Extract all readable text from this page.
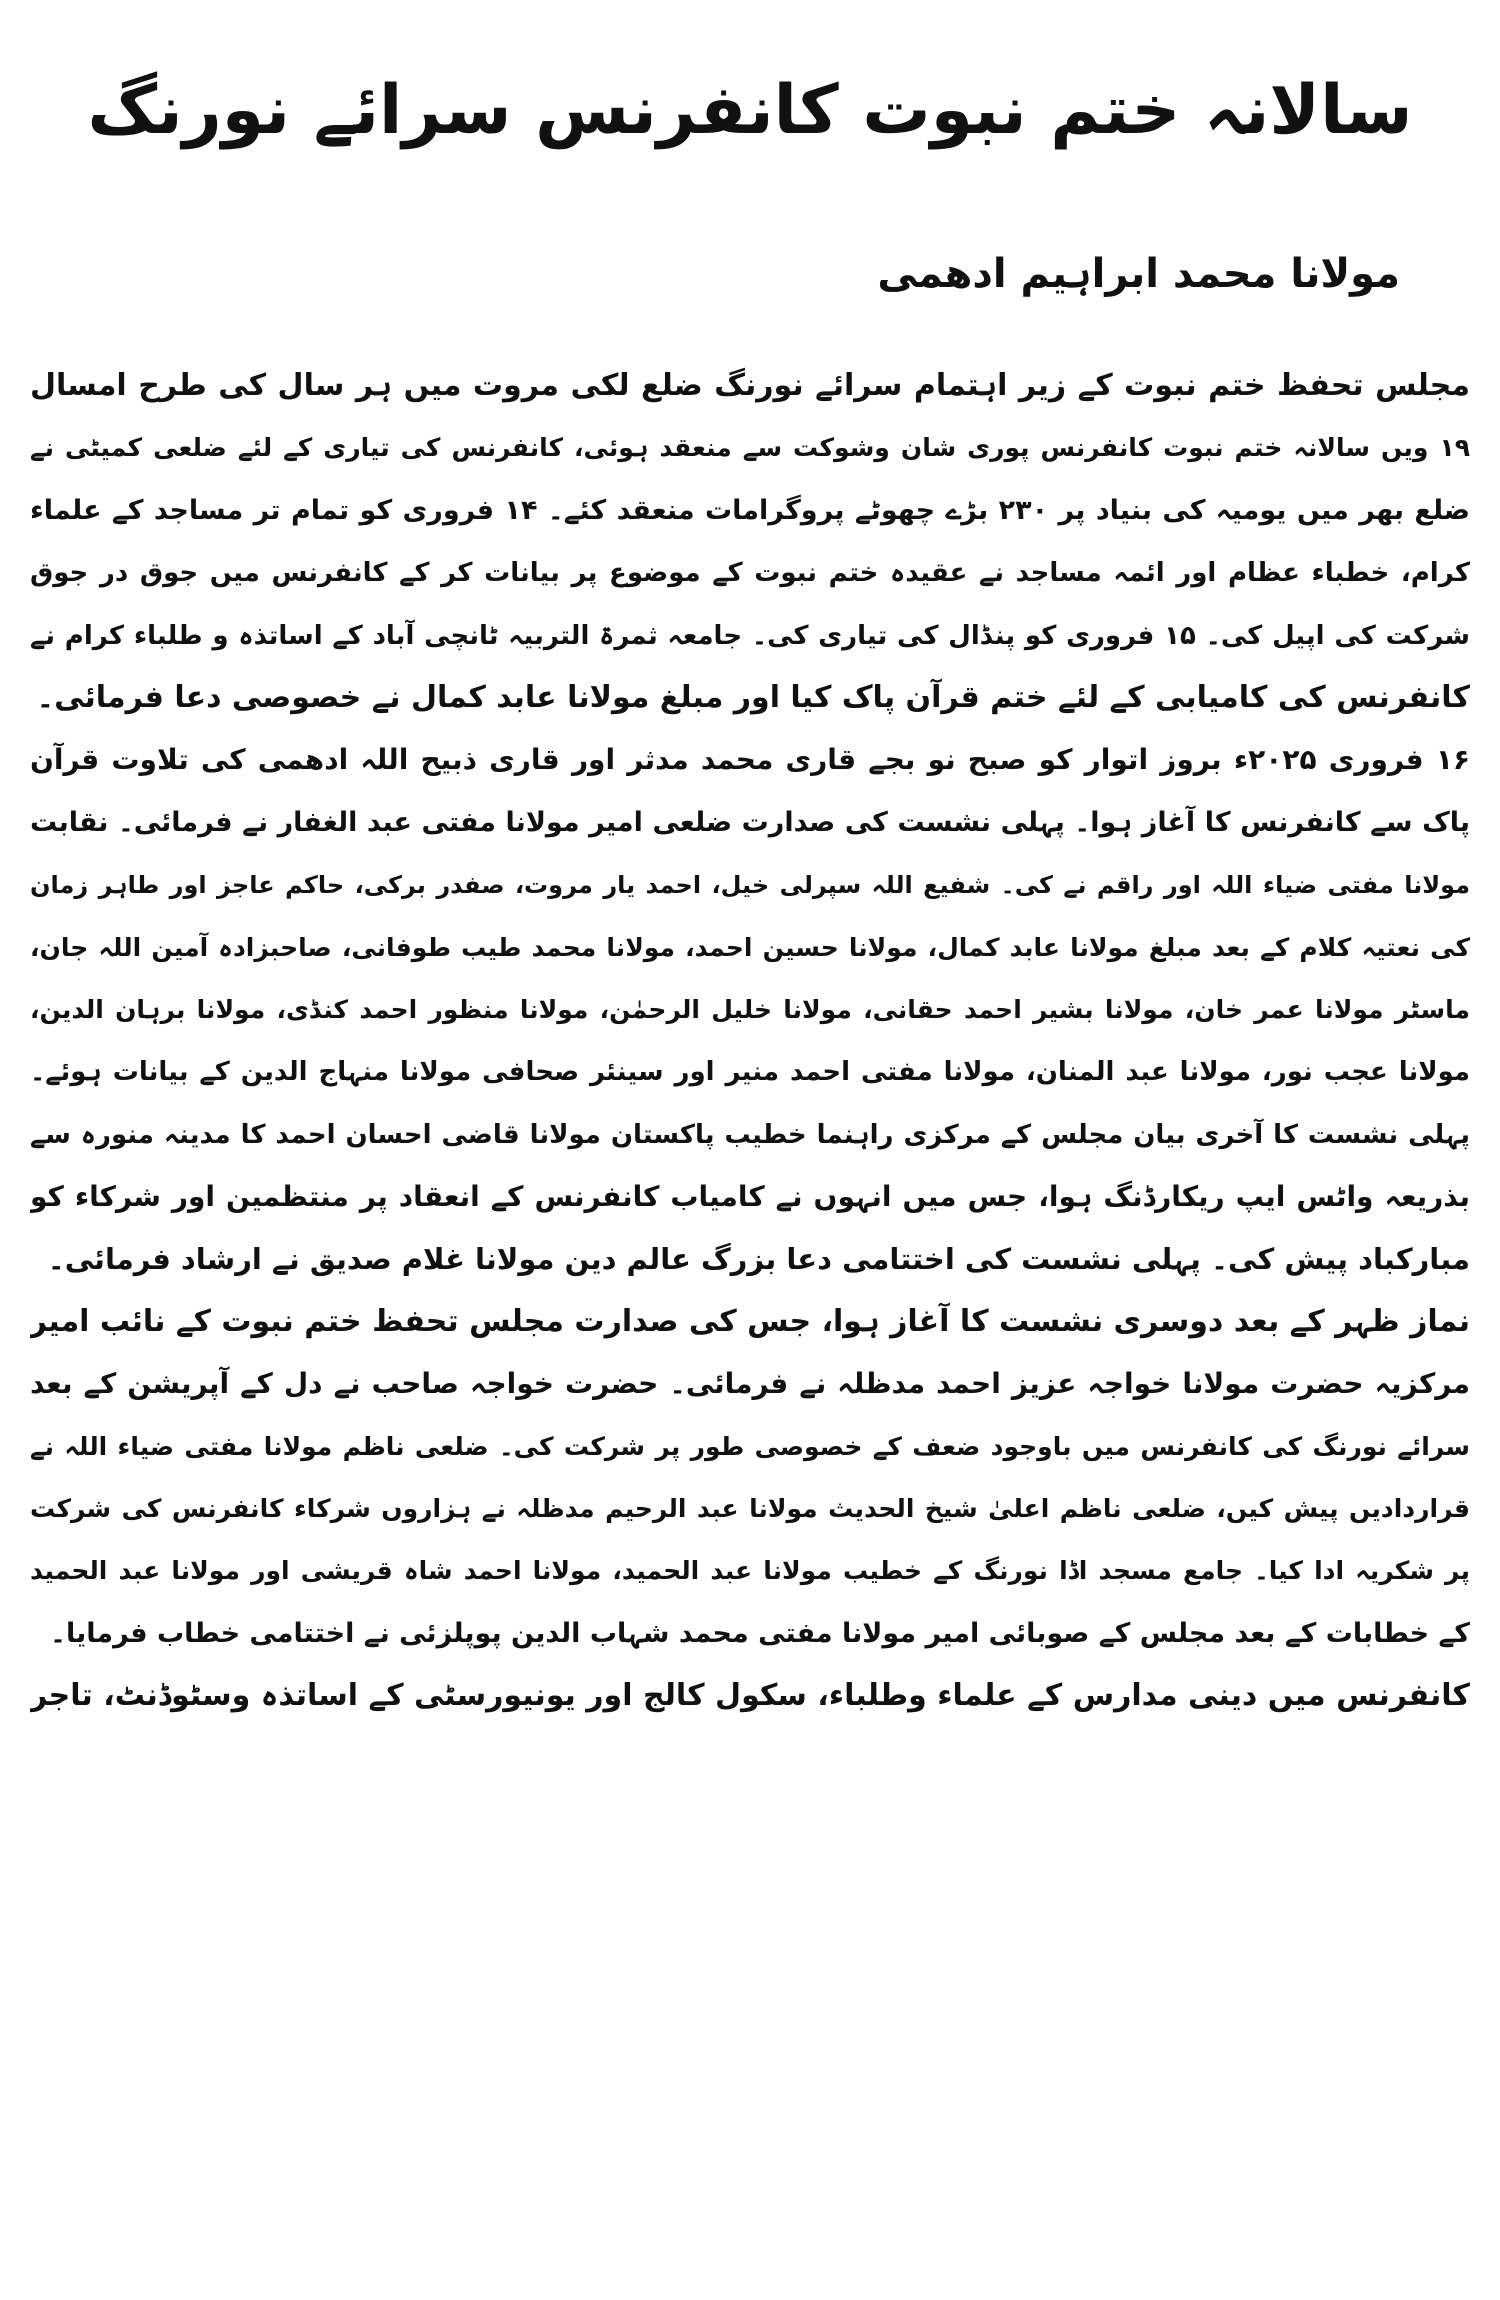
سالانہ ختم نبوت کانفرنس سرائے نورنگ

مولانا محمد ابراہیم ادھمی

مجلس تحفظ ختم نبوت کے زیر اہتمام سرائے نورنگ ضلع لکی مروت میں ہر سال کی طرح امسال
۱۹ ویں سالانہ ختم نبوت کانفرنس پوری شان وشوکت سے منعقد ہوئی، کانفرنس کی تیاری کے لئے ضلعی کمیٹی نے
ضلع بھر میں یومیہ کی بنیاد پر ۲۳۰ بڑے چھوٹے پروگرامات منعقد کئے۔ ۱۴ فروری کو تمام تر مساجد کے علماء
کرام، خطباء عظام اور ائمہ مساجد نے عقیدہ ختم نبوت کے موضوع پر بیانات کر کے کانفرنس میں جوق در جوق
شرکت کی اپیل کی۔ ۱۵ فروری کو پنڈال کی تیاری کی۔ جامعہ ثمرۃ التربیہ ٹانچی آباد کے اساتذہ و طلباء کرام نے
کانفرنس کی کامیابی کے لئے ختم قرآن پاک کیا اور مبلغ مولانا عابد کمال نے خصوصی دعا فرمائی۔
۱۶ فروری ۲۰۲۵ء بروز اتوار کو صبح نو بجے قاری محمد مدثر اور قاری ذبیح اللہ ادھمی کی تلاوت قرآن
پاک سے کانفرنس کا آغاز ہوا۔ پہلی نشست کی صدارت ضلعی امیر مولانا مفتی عبد الغفار نے فرمائی۔ نقابت
مولانا مفتی ضیاء اللہ اور راقم نے کی۔ شفیع اللہ سپرلی خیل، احمد یار مروت، صفدر برکی، حاکم عاجز اور طاہر زمان
کی نعتیہ کلام کے بعد مبلغ مولانا عابد کمال، مولانا حسین احمد، مولانا محمد طیب طوفانی، صاحبزادہ آمین اللہ جان،
ماسٹر مولانا عمر خان، مولانا بشیر احمد حقانی، مولانا خلیل الرحمٰن، مولانا منظور احمد کنڈی، مولانا برہان الدین،
مولانا عجب نور، مولانا عبد المنان، مولانا مفتی احمد منیر اور سینئر صحافی مولانا منہاج الدین کے بیانات ہوئے۔
پہلی نشست کا آخری بیان مجلس کے مرکزی راہنما خطیب پاکستان مولانا قاضی احسان احمد کا مدینہ منورہ سے
بذریعہ واٹس ایپ ریکارڈنگ ہوا، جس میں انہوں نے کامیاب کانفرنس کے انعقاد پر منتظمین اور شرکاء کو
مبارکباد پیش کی۔ پہلی نشست کی اختتامی دعا بزرگ عالم دین مولانا غلام صدیق نے ارشاد فرمائی۔
نماز ظہر کے بعد دوسری نشست کا آغاز ہوا، جس کی صدارت مجلس تحفظ ختم نبوت کے نائب امیر
مرکزیہ حضرت مولانا خواجہ عزیز احمد مدظلہ نے فرمائی۔ حضرت خواجہ صاحب نے دل کے آپریشن کے بعد
سرائے نورنگ کی کانفرنس میں باوجود ضعف کے خصوصی طور پر شرکت کی۔ ضلعی ناظم مولانا مفتی ضیاء اللہ نے
قراردادیں پیش کیں، ضلعی ناظم اعلیٰ شیخ الحدیث مولانا عبد الرحیم مدظلہ نے ہزاروں شرکاء کانفرنس کی شرکت
پر شکریہ ادا کیا۔ جامع مسجد اڈا نورنگ کے خطیب مولانا عبد الحمید، مولانا احمد شاہ قریشی اور مولانا عبد الحمید
کے خطابات کے بعد مجلس کے صوبائی امیر مولانا مفتی محمد شہاب الدین پوپلزئی نے اختتامی خطاب فرمایا۔
کانفرنس میں دینی مدارس کے علماء وطلباء، سکول کالج اور یونیورسٹی کے اساتذہ وسٹوڈنٹ، تاجر
